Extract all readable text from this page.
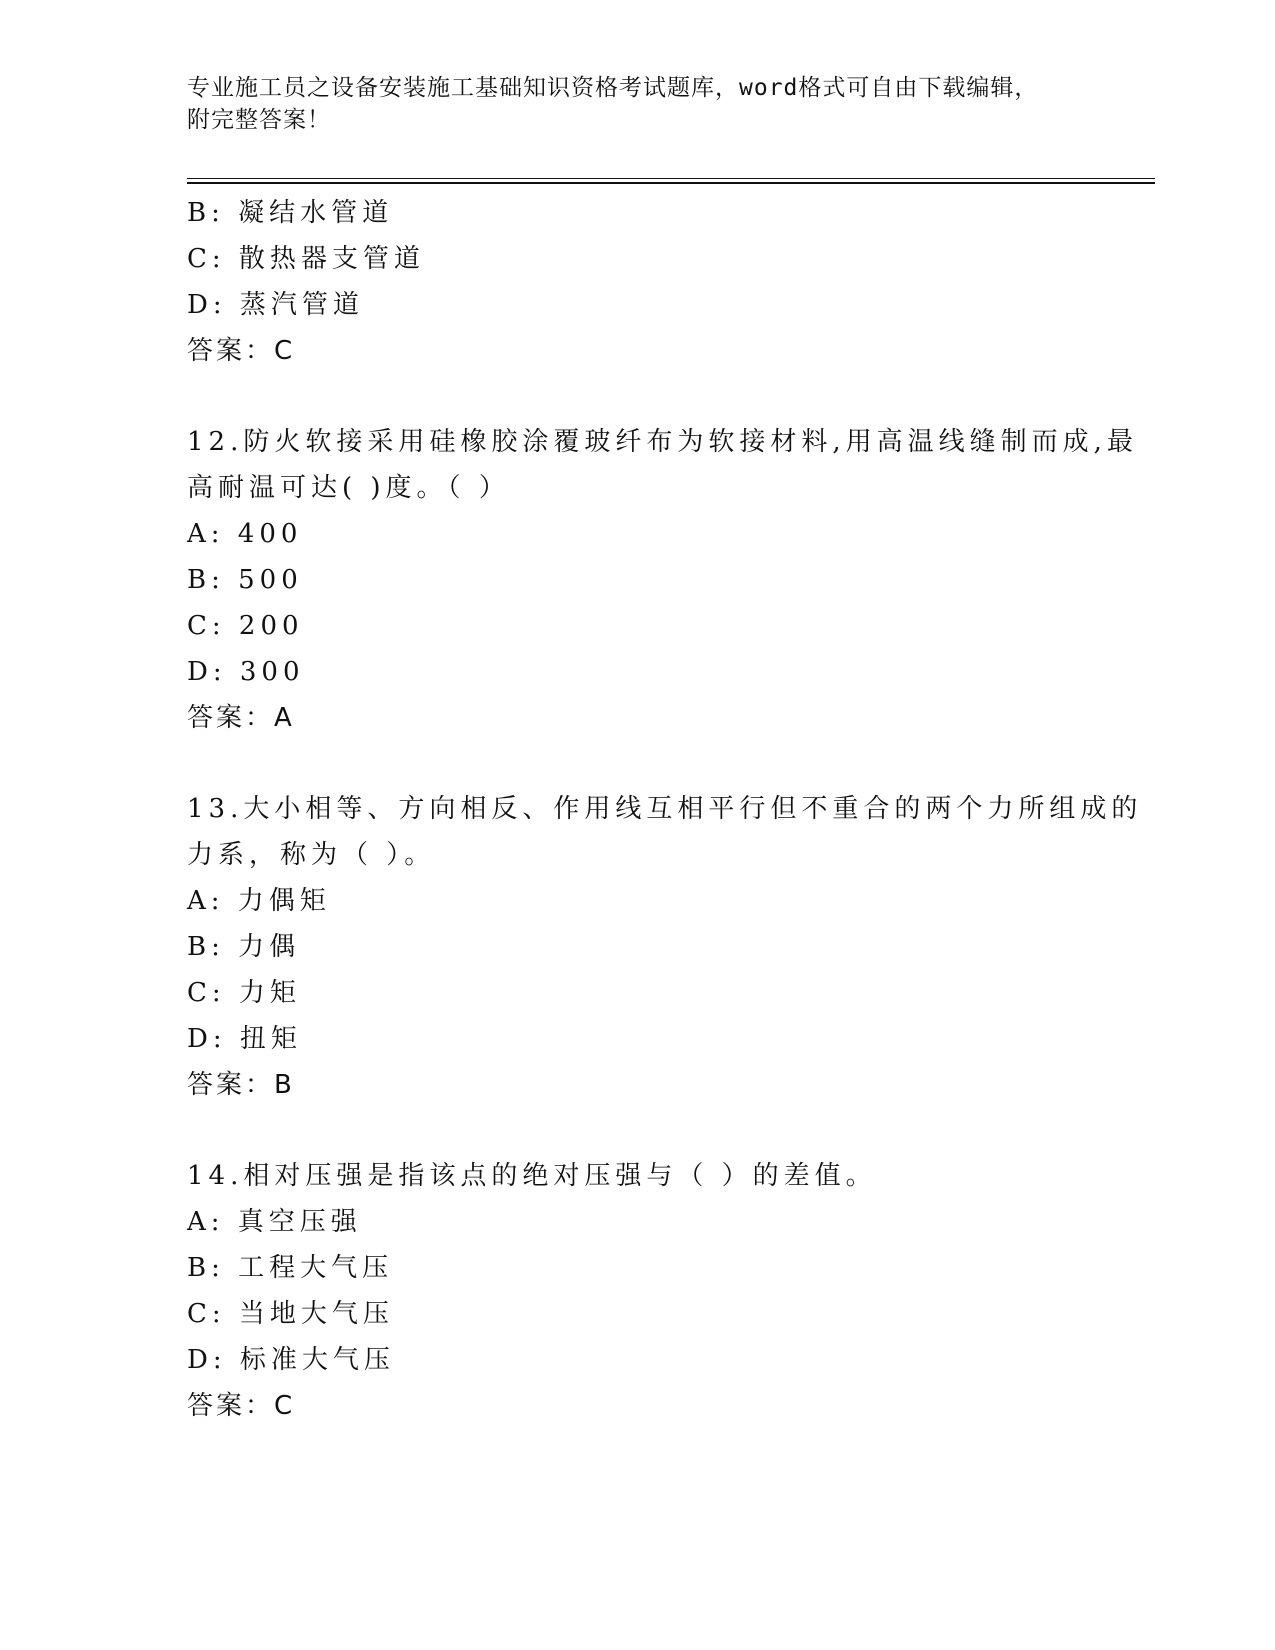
专业施工员之设备安装施工基础知识资格考试题库，word格式可自由下载编辑，
附完整答案！
B: 凝结水管道
C: 散热器支管道
D: 蒸汽管道
答案：C
12.防火软接采用硅橡胶涂覆玻纤布为软接材料,用高温线缝制而成,最
高耐温可达( )度。（ ）
A: 400
B: 500
C: 200
D: 300
答案：A
13.大小相等、方向相反、作用线互相平行但不重合的两个力所组成的
力系，称为（ ）。
A: 力偶矩
B: 力偶
C: 力矩
D: 扭矩
答案：B
14.相对压强是指该点的绝对压强与（ ）的差值。
A: 真空压强
B: 工程大气压
C: 当地大气压
D: 标准大气压
答案：C
